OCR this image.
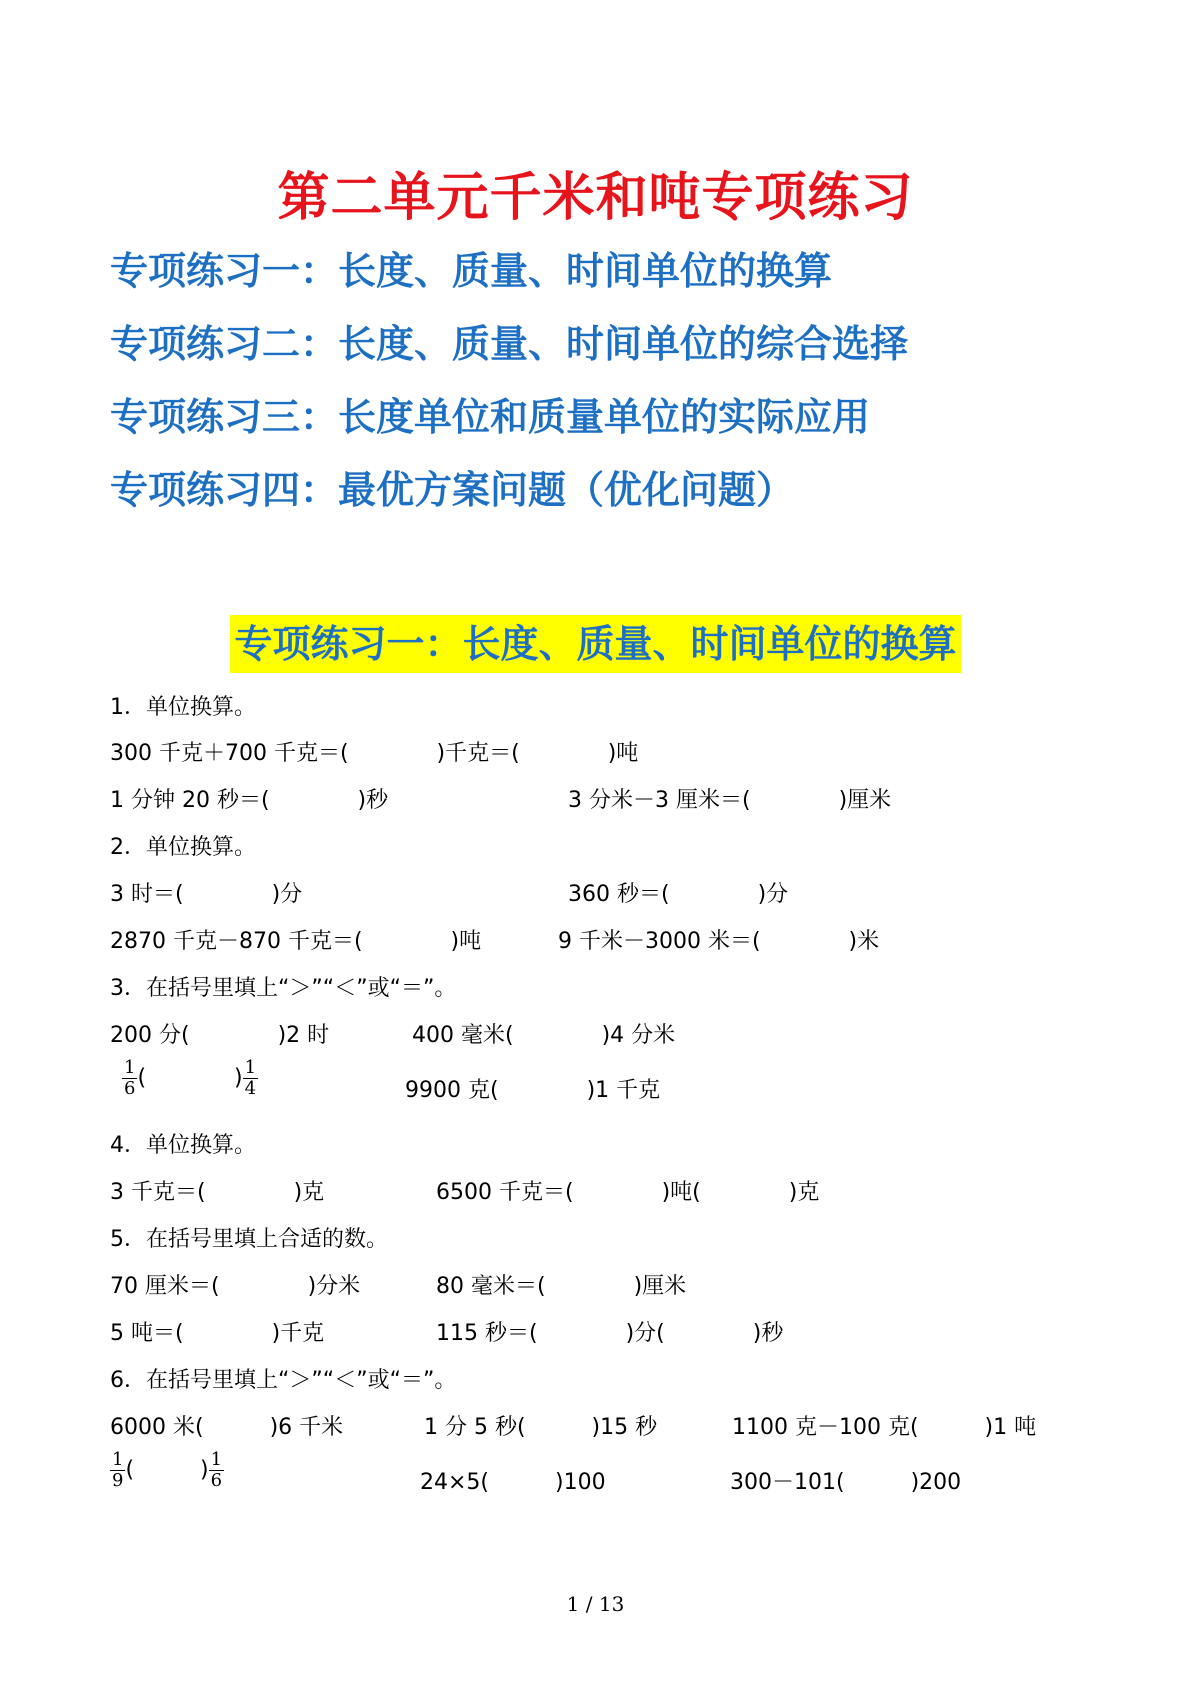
第二单元千米和吨专项练习
专项练习一：长度、质量、时间单位的换算
专项练习二：长度、质量、时间单位的综合选择
专项练习三：长度单位和质量单位的实际应用
专项练习四：最优方案问题（优化问题）
专项练习一：长度、质量、时间单位的换算
1．单位换算。
300 千克＋700 千克＝(　　　　)千克＝(　　　　)吨
1 分钟 20 秒＝(　　　　)秒	3 分米－3 厘米＝(　　　　)厘米
2．单位换算。
3 时＝(　　　　)分	360 秒＝(　　　　)分
2870 千克－870 千克＝(　　　　)吨	9 千米－3000 米＝(　　　　)米
3．在括号里填上“＞”“＜”或“＝”。
200 分(　　　　)2 时	400 毫米(　　　　)4 分米
$\frac{1}{6}$ (　　　　) $\frac{1}{4}$	9900 克(　　　　)1 千克
4．单位换算。
3 千克＝(　　　　)克	6500 千克＝(　　　　)吨(　　　　)克
5．在括号里填上合适的数。
70 厘米＝(　　　　)分米	80 毫米＝(　　　　)厘米
5 吨＝(　　　　)千克	115 秒＝(　　　　)分(　　　　)秒
6．在括号里填上“＞”“＜”或“＝”。
6000 米(　　　)6 千米	1 分 5 秒(　　　)15 秒	1100 克－100 克(　　　)1 吨
$\frac{1}{9}$ (　　　) $\frac{1}{6}$	24×5(　　　)100	300－101(　　　)200
1 / 13
